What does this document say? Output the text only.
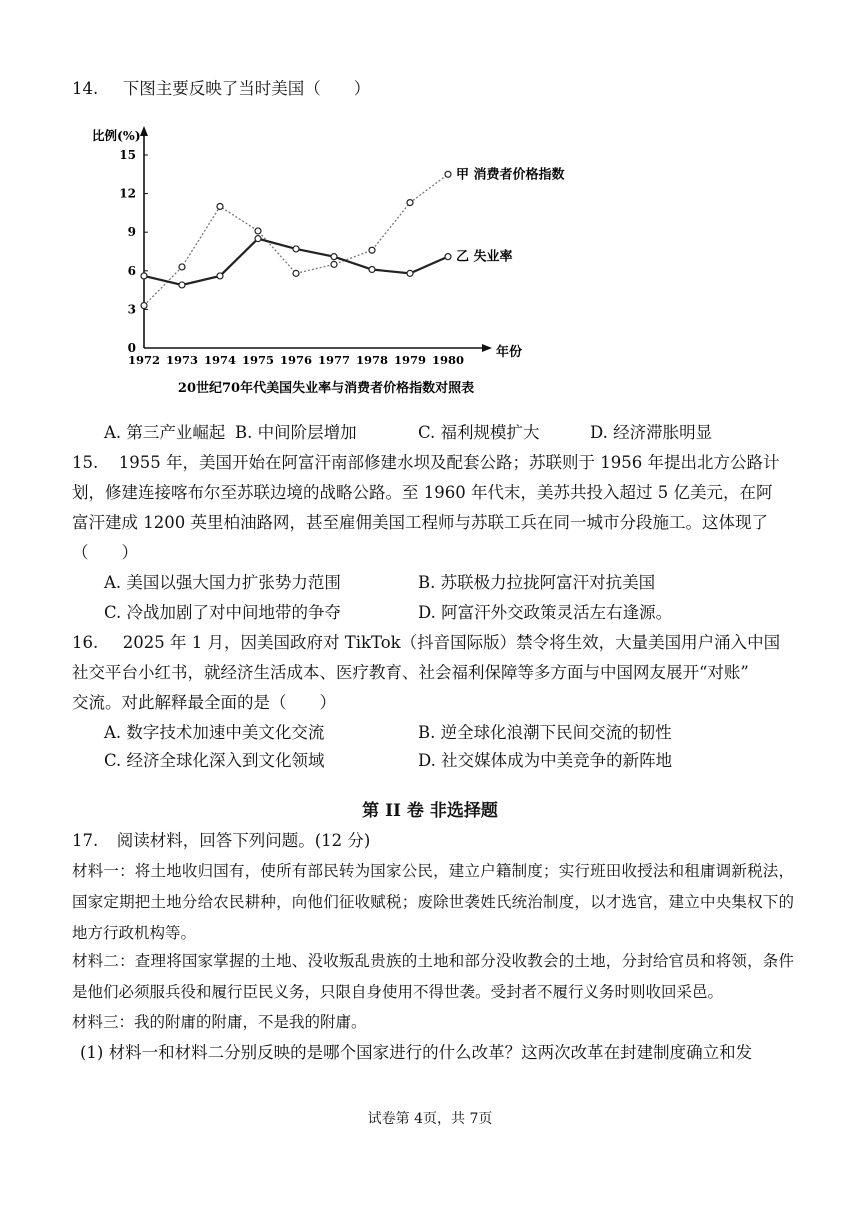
14. 下图主要反映了当时美国（　　）
0
3
6
9
12
15
1972 1973 1974 1975 1976 1977 1978 1979 1980
比例(%)
年份
20世纪70年代美国失业率与消费者价格指数对照表
甲 消费者价格指数
乙 失业率
A. 第三产业崛起 B. 中间阶层增加	C. 福利规模扩大	D. 经济滞胀明显
15. 1955 年，美国开始在阿富汗南部修建水坝及配套公路；苏联则于 1956 年提出北方公路计
划，修建连接喀布尔至苏联边境的战略公路。至 1960 年代末，美苏共投入超过 5 亿美元，在阿
富汗建成 1200 英里柏油路网，甚至雇佣美国工程师与苏联工兵在同一城市分段施工。这体现了
（　　）
A. 美国以强大国力扩张势力范围	B. 苏联极力拉拢阿富汗对抗美国
C. 冷战加剧了对中间地带的争夺	D. 阿富汗外交政策灵活左右逢源。
16. 2025 年 1 月，因美国政府对 TikTok（抖音国际版）禁令将生效，大量美国用户涌入中国
社交平台小红书，就经济生活成本、医疗教育、社会福利保障等多方面与中国网友展开“对账”
交流。对此解释最全面的是（　　）
A. 数字技术加速中美文化交流	B. 逆全球化浪潮下民间交流的韧性
C. 经济全球化深入到文化领域	D. 社交媒体成为中美竞争的新阵地
第 II 卷 非选择题
17. 阅读材料，回答下列问题。(12 分)
材料一：将土地收归国有，使所有部民转为国家公民，建立户籍制度；实行班田收授法和租庸调新税法，国家定期把土地分给农民耕种，向他们征收赋税；废除世袭姓氏统治制度，以才选官，建立中央集权下的地方行政机构等。
材料二：查理将国家掌握的土地、没收叛乱贵族的土地和部分没收教会的土地，分封给官员和将领，条件是他们必须服兵役和履行臣民义务，只限自身使用不得世袭。受封者不履行义务时则收回采邑。
材料三：我的附庸的附庸，不是我的附庸。
(1) 材料一和材料二分别反映的是哪个国家进行的什么改革？这两次改革在封建制度确立和发
试卷第 4页，共 7页
